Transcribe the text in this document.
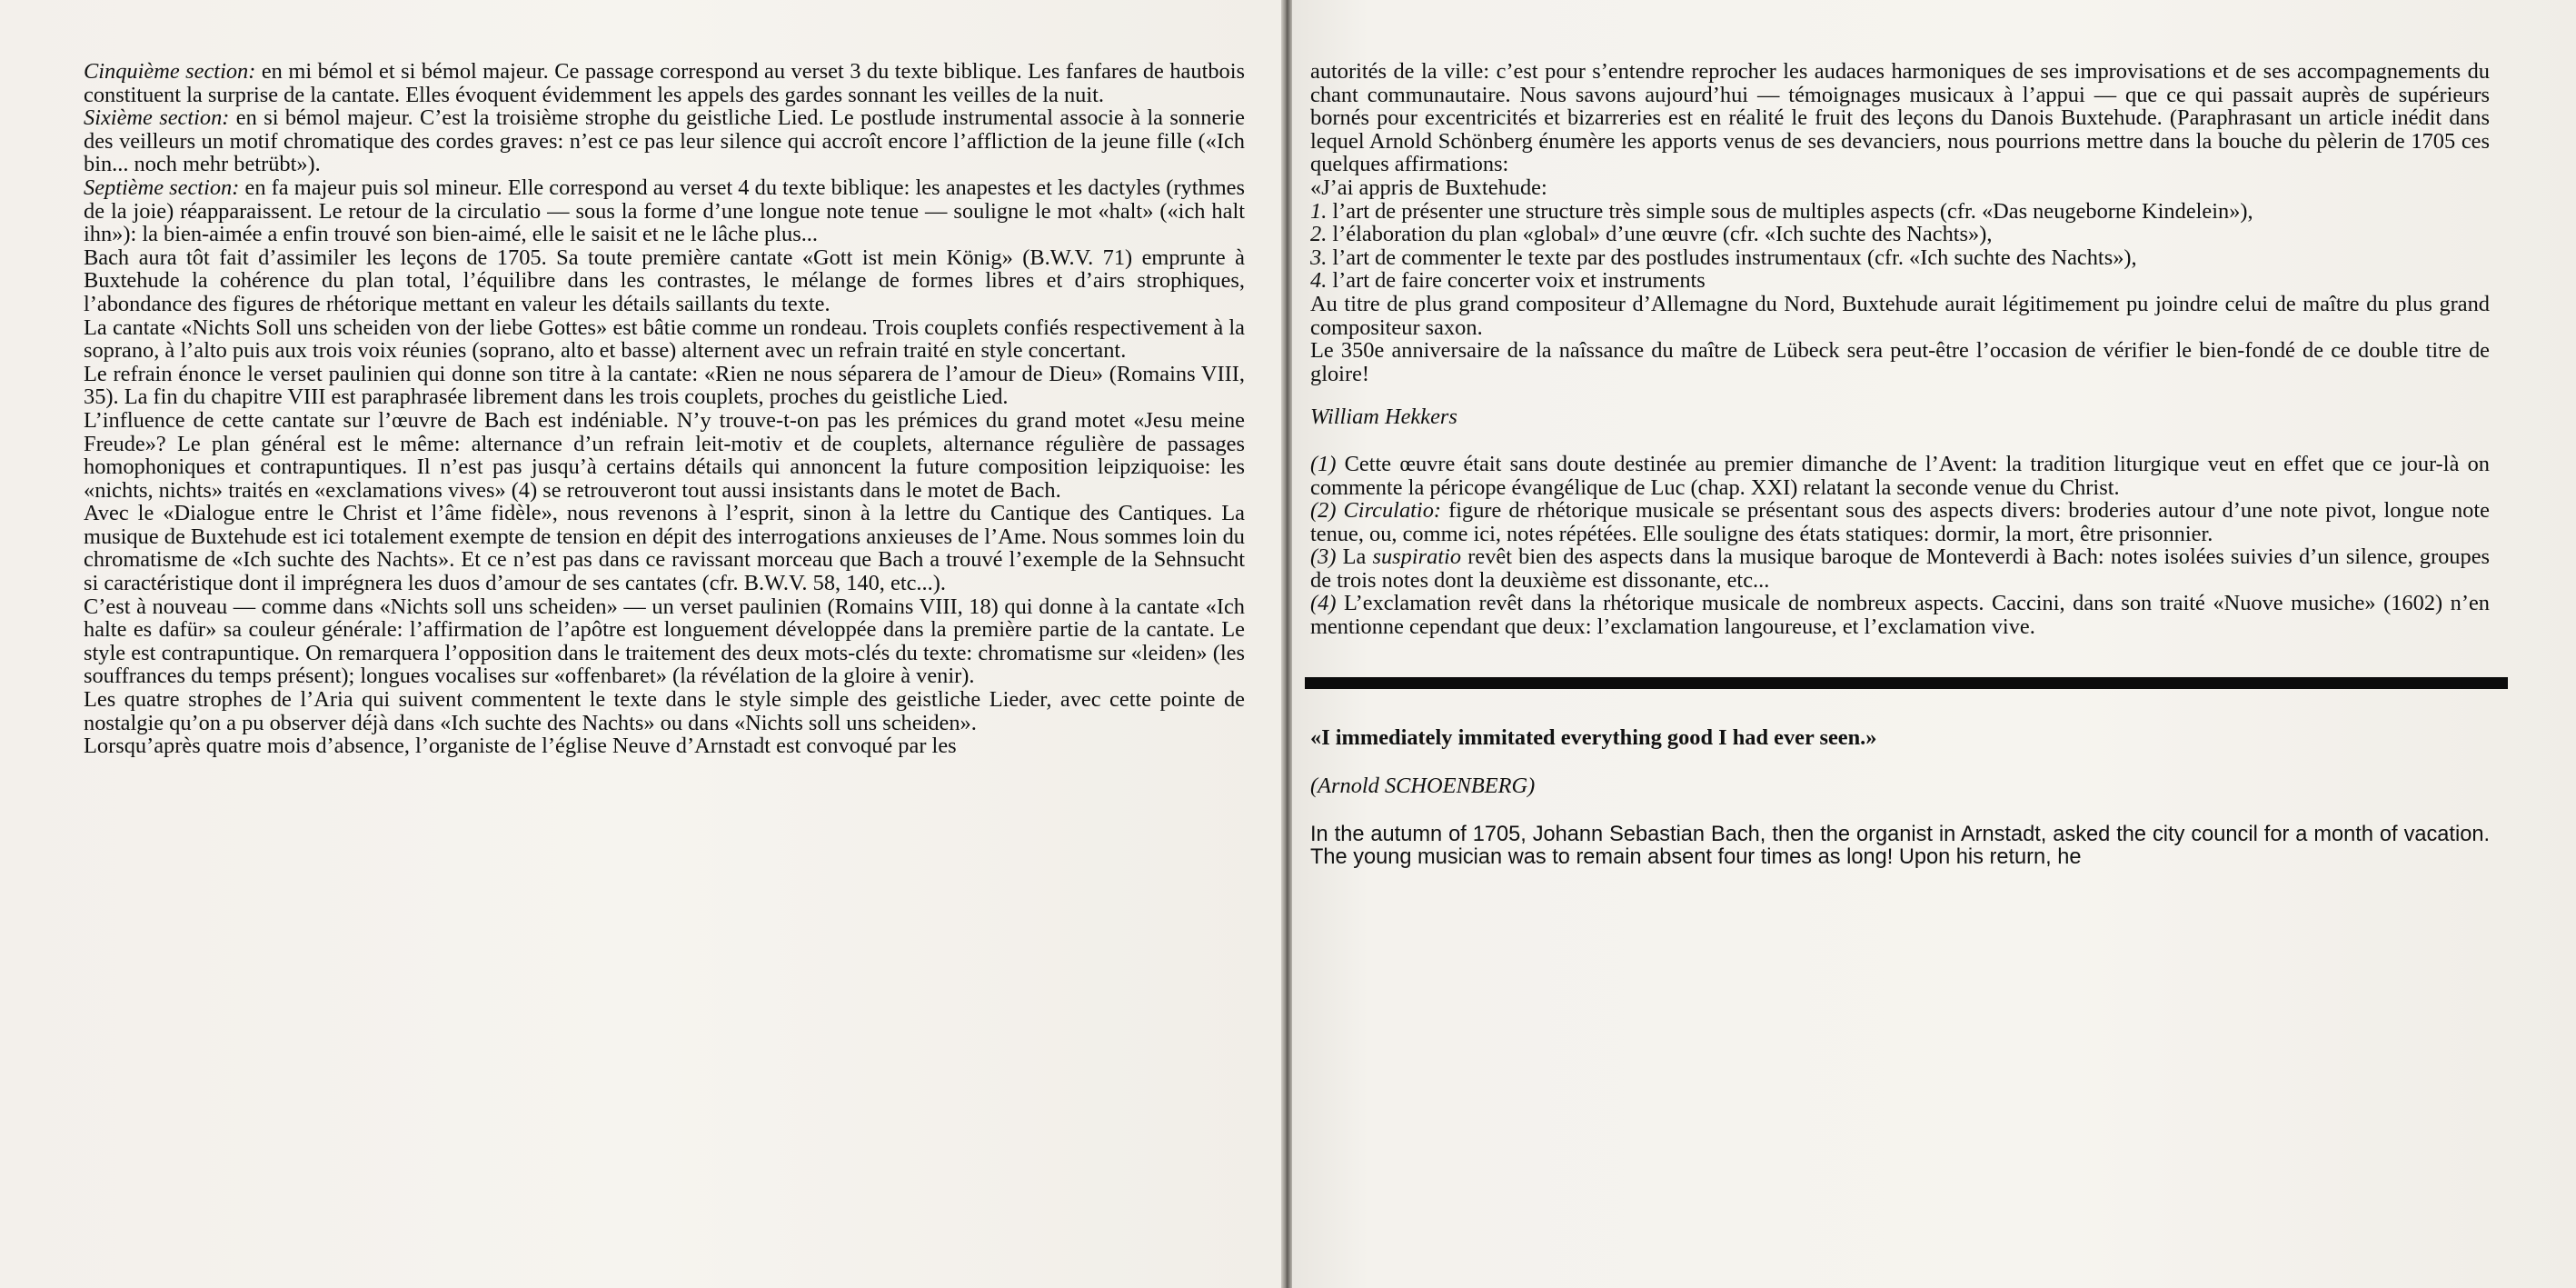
Cinquième section: en mi bémol et si bémol majeur. Ce passage correspond au verset 3 du texte biblique. Les fanfares de hautbois constituent la surprise de la cantate. Elles évoquent évidemment les appels des gardes sonnant les veilles de la nuit.

Sixième section: en si bémol majeur. C’est la troisième strophe du geistliche Lied. Le postlude instrumental associe à la sonnerie des veilleurs un motif chromatique des cordes graves: n’est ce pas leur silence qui accroît encore l’affliction de la jeune fille («Ich bin... noch mehr betrübt»).

Septième section: en fa majeur puis sol mineur. Elle correspond au verset 4 du texte biblique: les anapestes et les dactyles (rythmes de la joie) réapparaissent. Le retour de la circulatio — sous la forme d’une longue note tenue — souligne le mot «halt» («ich halt ihn»): la bien-aimée a enfin trouvé son bien-aimé, elle le saisit et ne le lâche plus...

Bach aura tôt fait d’assimiler les leçons de 1705. Sa toute première cantate «Gott ist mein König» (B.W.V. 71) emprunte à Buxtehude la cohérence du plan total, l’équilibre dans les contrastes, le mélange de formes libres et d’airs strophiques, l’abondance des figures de rhétorique mettant en valeur les détails saillants du texte.

La cantate «Nichts Soll uns scheiden von der liebe Gottes» est bâtie comme un rondeau. Trois couplets confiés respectivement à la soprano, à l’alto puis aux trois voix réunies (soprano, alto et basse) alternent avec un refrain traité en style concertant.

Le refrain énonce le verset paulinien qui donne son titre à la cantate: «Rien ne nous séparera de l’amour de Dieu» (Romains VIII, 35). La fin du chapitre VIII est paraphrasée librement dans les trois couplets, proches du geistliche Lied.

L’influence de cette cantate sur l’œuvre de Bach est indéniable. N’y trouve-t-on pas les prémices du grand motet «Jesu meine Freude»? Le plan général est le même: alternance d’un refrain leit-motiv et de couplets, alternance régulière de passages homophoniques et contrapuntiques. Il n’est pas jusqu’à certains détails qui annoncent la future composition leipziquoise: les «nichts, nichts» traités en «exclamations vives» (4) se retrouveront tout aussi insistants dans le motet de Bach.

Avec le «Dialogue entre le Christ et l’âme fidèle», nous revenons à l’esprit, sinon à la lettre du Cantique des Cantiques. La musique de Buxtehude est ici totalement exempte de tension en dépit des interrogations anxieuses de l’Ame. Nous sommes loin du chromatisme de «Ich suchte des Nachts». Et ce n’est pas dans ce ravissant morceau que Bach a trouvé l’exemple de la Sehnsucht si caractéristique dont il imprégnera les duos d’amour de ses cantates (cfr. B.W.V. 58, 140, etc...).

C’est à nouveau — comme dans «Nichts soll uns scheiden» — un verset paulinien (Romains VIII, 18) qui donne à la cantate «Ich halte es dafür» sa couleur générale: l’affirmation de l’apôtre est longuement développée dans la première partie de la cantate. Le style est contrapuntique. On remarquera l’opposition dans le traitement des deux mots-clés du texte: chromatisme sur «leiden» (les souffrances du temps présent); longues vocalises sur «offenbaret» (la révélation de la gloire à venir).

Les quatre strophes de l’Aria qui suivent commentent le texte dans le style simple des geistliche Lieder, avec cette pointe de nostalgie qu’on a pu observer déjà dans «Ich suchte des Nachts» ou dans «Nichts soll uns scheiden».

Lorsqu’après quatre mois d’absence, l’organiste de l’église Neuve d’Arnstadt est convoqué par les

autorités de la ville: c’est pour s’entendre reprocher les audaces harmoniques de ses improvisations et de ses accompagnements du chant communautaire. Nous savons aujourd’hui — témoignages musicaux à l’appui — que ce qui passait auprès de supérieurs bornés pour excentricités et bizarreries est en réalité le fruit des leçons du Danois Buxtehude. (Paraphrasant un article inédit dans lequel Arnold Schönberg énumère les apports venus de ses devanciers, nous pourrions mettre dans la bouche du pèlerin de 1705 ces quelques affirmations:

«J’ai appris de Buxtehude:

1. l’art de présenter une structure très simple sous de multiples aspects (cfr. «Das neugeborne Kindelein»),

2. l’élaboration du plan «global» d’une œuvre (cfr. «Ich suchte des Nachts»),

3. l’art de commenter le texte par des postludes instrumentaux (cfr. «Ich suchte des Nachts»),

4. l’art de faire concerter voix et instruments

Au titre de plus grand compositeur d’Allemagne du Nord, Buxtehude aurait légitimement pu joindre celui de maître du plus grand compositeur saxon.

Le 350e anniversaire de la naîssance du maître de Lübeck sera peut-être l’occasion de vérifier le bien-fondé de ce double titre de gloire!

William Hekkers

(1) Cette œuvre était sans doute destinée au premier dimanche de l’Avent: la tradition liturgique veut en effet que ce jour-là on commente la péricope évangélique de Luc (chap. XXI) relatant la seconde venue du Christ.

(2) Circulatio: figure de rhétorique musicale se présentant sous des aspects divers: broderies autour d’une note pivot, longue note tenue, ou, comme ici, notes répétées. Elle souligne des états statiques: dormir, la mort, être prisonnier.

(3) La suspiratio revêt bien des aspects dans la musique baroque de Monteverdi à Bach: notes isolées suivies d’un silence, groupes de trois notes dont la deuxième est dissonante, etc...

(4) L’exclamation revêt dans la rhétorique musicale de nombreux aspects. Caccini, dans son traité «Nuove musiche» (1602) n’en mentionne cependant que deux: l’exclamation langoureuse, et l’exclamation vive.

«I immediately immitated everything good I had ever seen.»

(Arnold SCHOENBERG)

In the autumn of 1705, Johann Sebastian Bach, then the organist in Arnstadt, asked the city council for a month of vacation. The young musician was to remain absent four times as long! Upon his return, he
